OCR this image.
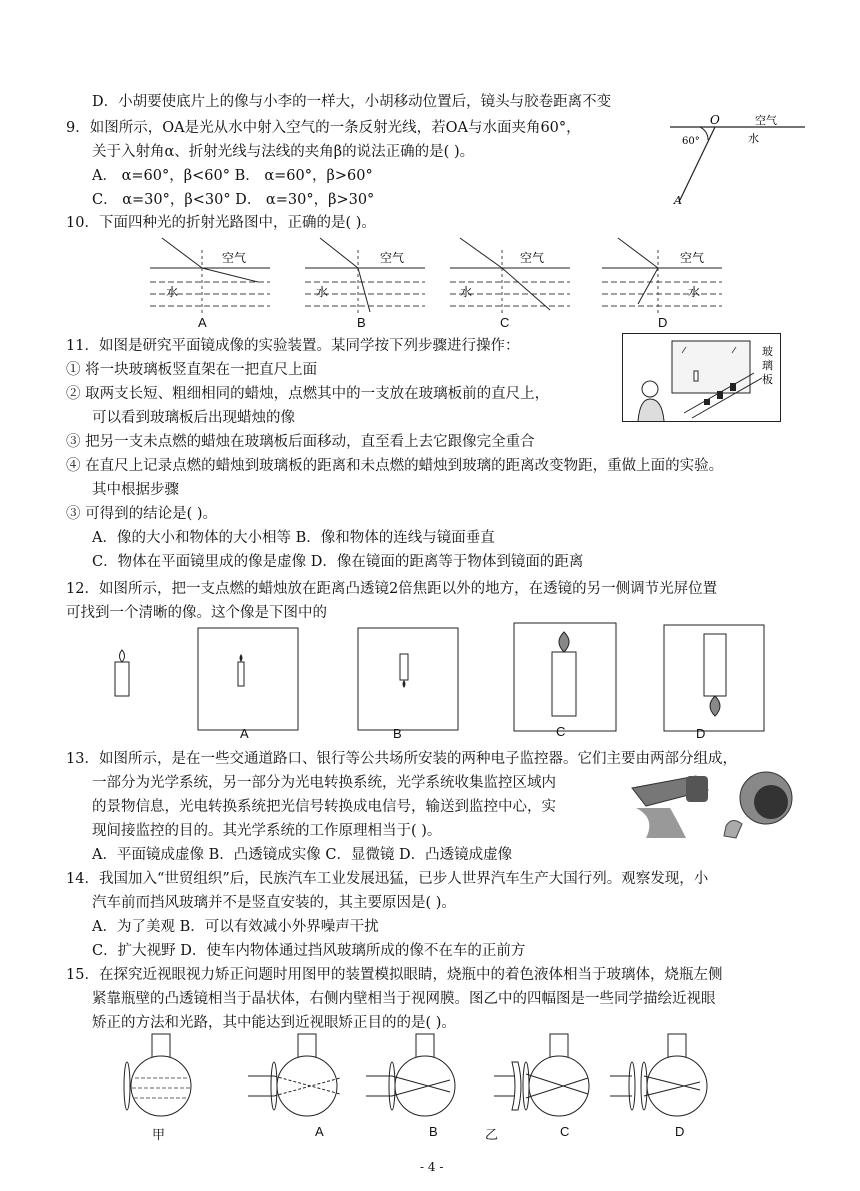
D．小胡要使底片上的像与小李的一样大，小胡移动位置后，镜头与胶卷距离不变
9．如图所示，OA是光从水中射入空气的一条反射光线，若OA与水面夹角60°，
关于入射角α、折射光线与法线的夹角β的说法正确的是( )。
A． α=60°，β<60° B． α=60°，β>60°
C． α=30°，β<30° D． α=30°，β>30°
O	空气
水
60°
A
10．下面四种光的折射光路图中，正确的是( )。
空气
水
空气
水
空气
水
空气
水
A	B	C	D
11．如图是研究平面镜成像的实验装置。某同学按下列步骤进行操作：
① 将一块玻璃板竖直架在一把直尺上面
② 取两支长短、粗细相同的蜡烛，点燃其中的一支放在玻璃板前的直尺上，
可以看到玻璃板后出现蜡烛的像
③ 把另一支未点燃的蜡烛在玻璃板后面移动，直至看上去它跟像完全重合
④ 在直尺上记录点燃的蜡烛到玻璃板的距离和未点燃的蜡烛到玻璃的距离改变物距，重做上面的实验。
其中根据步骤
③ 可得到的结论是( )。
A．像的大小和物体的大小相等 B．像和物体的连线与镜面垂直
C．物体在平面镜里成的像是虚像 D．像在镜面的距离等于物体到镜面的距离
玻
璃
板
12．如图所示，把一支点燃的蜡烛放在距离凸透镜2倍焦距以外的地方，在透镜的另一侧调节光屏位置
可找到一个清晰的像。这个像是下图中的
A	B	C	D
13．如图所示，是在一些交通道路口、银行等公共场所安装的两种电子监控器。它们主要由两部分组成，
一部分为光学系统，另一部分为光电转换系统，光学系统收集监控区域内
的景物信息，光电转换系统把光信号转换成电信号，输送到监控中心，实
现间接监控的目的。其光学系统的工作原理相当于( )。
A．平面镜成虚像 B．凸透镜成实像 C．显微镜 D．凸透镜成虚像
14．我国加入“世贸组织”后，民族汽车工业发展迅猛，已步人世界汽车生产大国行列。观察发现，小
汽车前而挡风玻璃并不是竖直安装的，其主要原因是( )。
A．为了美观 B．可以有效减小外界噪声干扰
C．扩大视野 D．使车内物体通过挡风玻璃所成的像不在车的正前方
15．在探究近视眼视力矫正问题时用图甲的装置模拟眼睛，烧瓶中的着色液体相当于玻璃体，烧瓶左侧
紧靠瓶壁的凸透镜相当于晶状体，右侧内壁相当于视网膜。图乙中的四幅图是一些同学描绘近视眼
矫正的方法和光路，其中能达到近视眼矫正目的的是( )。
甲	A	B	乙	C	D
- 4 -
